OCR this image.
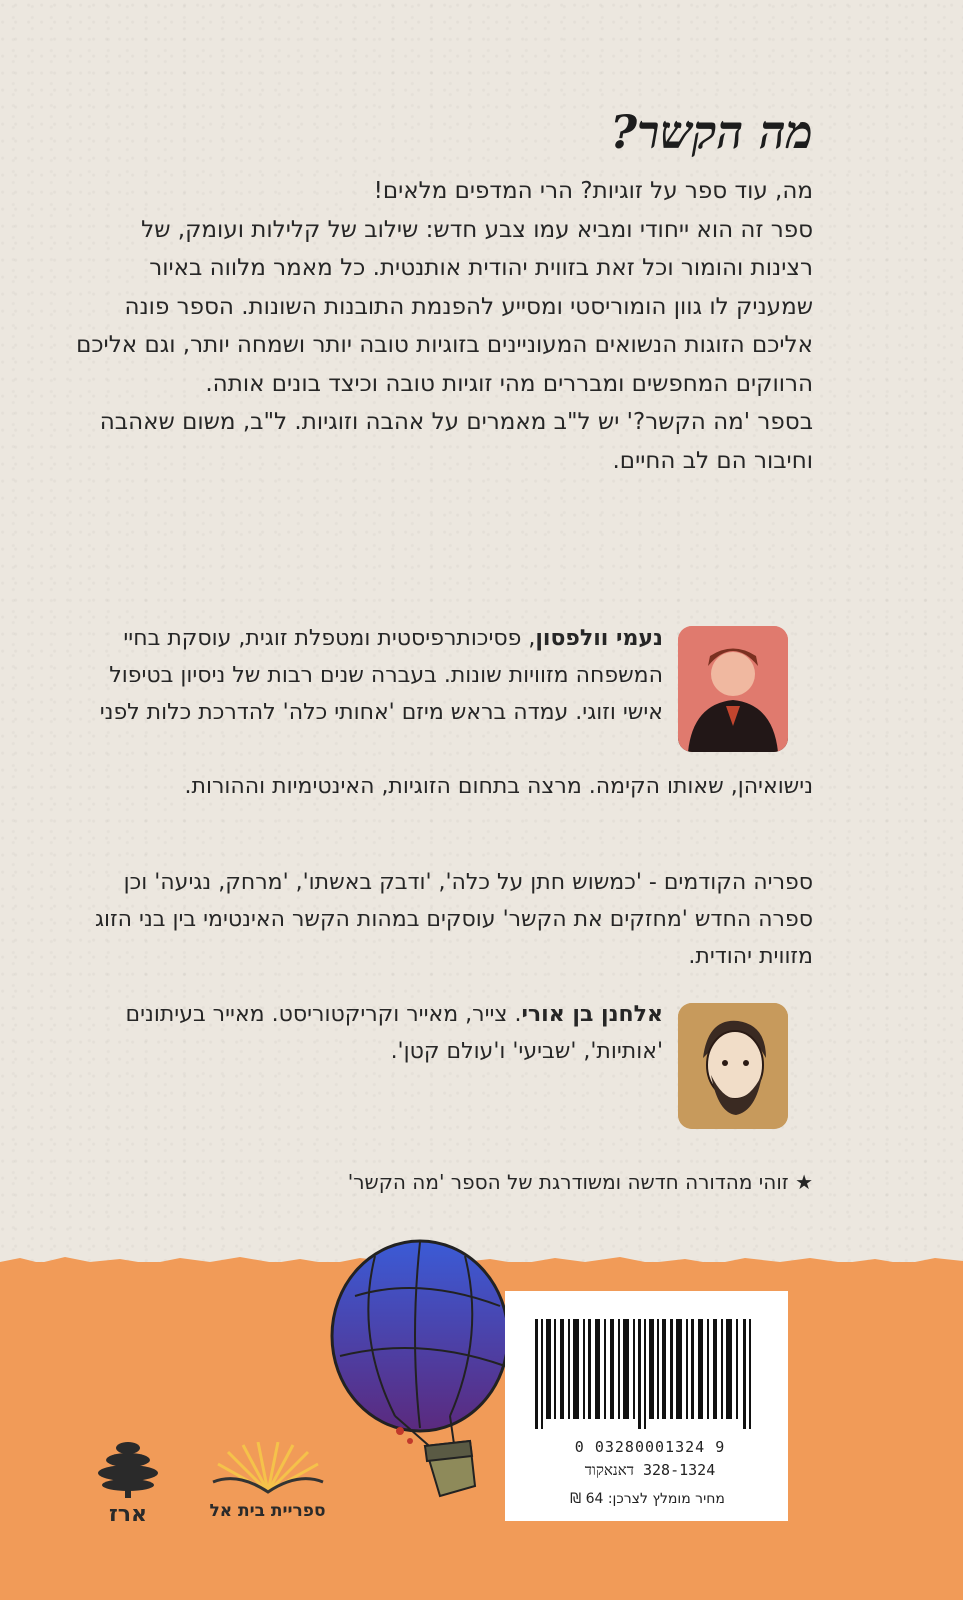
מה הקשר?

מה, עוד ספר על זוגיות? הרי המדפים מלאים!

ספר זה הוא ייחודי ומביא עמו צבע חדש: שילוב של קלילות ועומק, של רצינות והומור וכל זאת בזווית יהודית אותנטית. כל מאמר מלווה באיור שמעניק לו גוון הומוריסטי ומסייע להפנמת התובנות השונות. הספר פונה אליכם הזוגות הנשואים המעוניינים בזוגיות טובה יותר ושמחה יותר, וגם אליכם הרווקים המחפשים ומבררים מהי זוגיות טובה וכיצד בונים אותה.

בספר 'מה הקשר?' יש ל"ב מאמרים על אהבה וזוגיות. ל"ב, משום שאהבה וחיבור הם לב החיים.

נעמי וולפסון, פסיכותרפיסטית ומטפלת זוגית, עוסקת בחיי המשפחה מזוויות שונות. בעברה שנים רבות של ניסיון בטיפול אישי וזוגי. עמדה בראש מיזם 'אחותי כלה' להדרכת כלות לפני

נישואיהן, שאותו הקימה. מרצה בתחום הזוגיות, האינטימיות וההורות.

ספריה הקודמים - 'כמשוש חתן על כלה', 'ודבק באשתו', 'מרחק, נגיעה' וכן ספרה החדש 'מחזקים את הקשר' עוסקים במהות הקשר האינטימי בין בני הזוג מזווית יהודית.

אלחנן בן אורי. צייר, מאייר וקריקטוריסט. מאייר בעיתונים 'אותיות', 'שביעי' ו'עולם קטן'.

★ זוהי מהדורה חדשה ומשודרגת של הספר 'מה הקשר'
0 03280001324 9
328-1324 דאנאקוד
מחיר מומלץ לצרכן: 64 ₪
ספריית בית אל
ארז
